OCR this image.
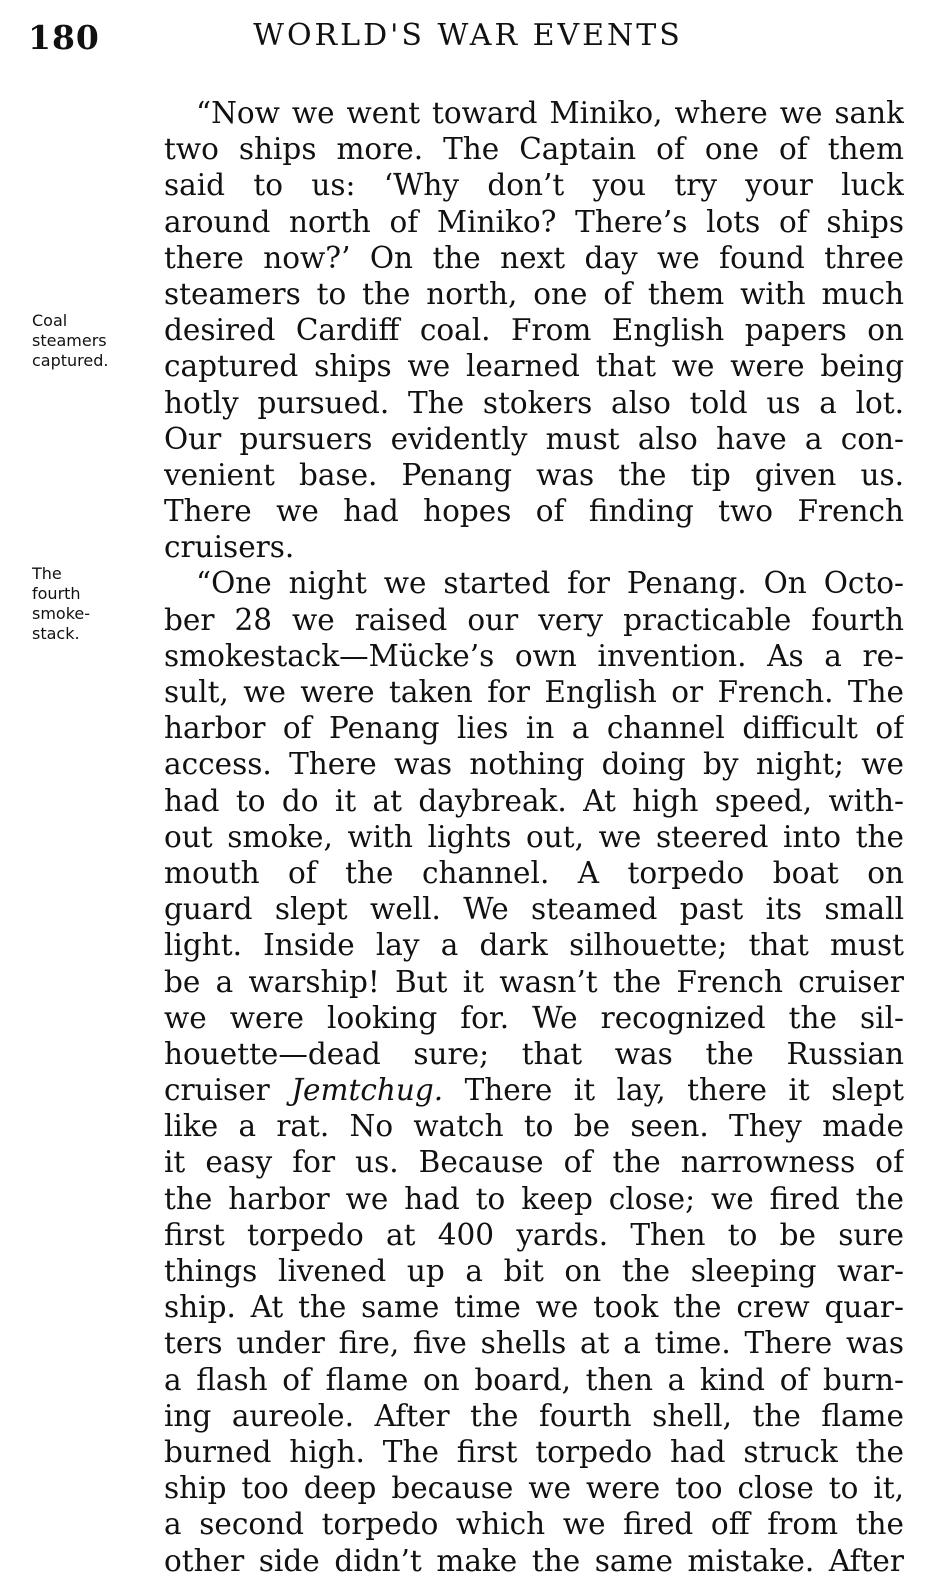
180	WORLD'S WAR EVENTS
Coal
steamers
captured.
The
fourth
smoke-
stack.
“Now we went toward Miniko, where we sank
two ships more. The Captain of one of them
said to us: ‘Why don’t you try your luck
around north of Miniko? There’s lots of ships
there now?’ On the next day we found three
steamers to the north, one of them with much
desired Cardiff coal. From English papers on
captured ships we learned that we were being
hotly pursued. The stokers also told us a lot.
Our pursuers evidently must also have a con-
venient base. Penang was the tip given us.
There we had hopes of finding two French
cruisers.
“One night we started for Penang. On Octo-
ber 28 we raised our very practicable fourth
smokestack—Mücke’s own invention. As a re-
sult, we were taken for English or French. The
harbor of Penang lies in a channel difficult of
access. There was nothing doing by night; we
had to do it at daybreak. At high speed, with-
out smoke, with lights out, we steered into the
mouth of the channel. A torpedo boat on
guard slept well. We steamed past its small
light. Inside lay a dark silhouette; that must
be a warship! But it wasn’t the French cruiser
we were looking for. We recognized the sil-
houette—dead sure; that was the Russian
cruiser Jemtchug. There it lay, there it slept
like a rat. No watch to be seen. They made
it easy for us. Because of the narrowness of
the harbor we had to keep close; we fired the
first torpedo at 400 yards. Then to be sure
things livened up a bit on the sleeping war-
ship. At the same time we took the crew quar-
ters under fire, five shells at a time. There was
a flash of flame on board, then a kind of burn-
ing aureole. After the fourth shell, the flame
burned high. The first torpedo had struck the
ship too deep because we were too close to it,
a second torpedo which we fired off from the
other side didn’t make the same mistake. After
